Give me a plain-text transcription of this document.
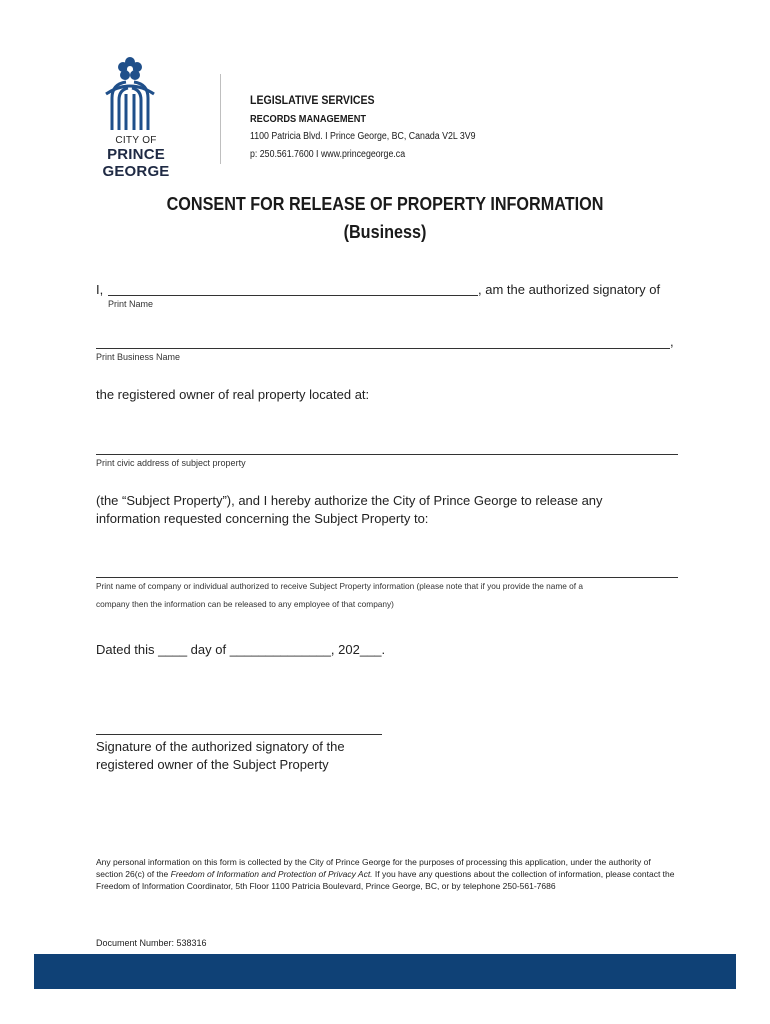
CITY OF
PRINCE GEORGE
LEGISLATIVE SERVICES
RECORDS MANAGEMENT
1100 Patricia Blvd. I Prince George, BC, Canada V2L 3V9
p: 250.561.7600 I www.princegeorge.ca
CONSENT FOR RELEASE OF PROPERTY INFORMATION
(Business)
I,	, am the authorized signatory of
Print Name
,
Print Business Name
the registered owner of real property located at:
Print civic address of subject property
(the “Subject Property”), and I hereby authorize the City of Prince George to release any
information requested concerning the Subject Property to:
Print name of company or individual authorized to receive Subject Property information (please note that if you provide the name of a
company then the information can be released to any employee of that company)
Dated this ____ day of ______________, 202___.
Signature of the authorized signatory of the
registered owner of the Subject Property
Any personal information on this form is collected by the City of Prince George for the purposes of processing this application, under the authority of section 26(c) of the Freedom of Information and Protection of Privacy Act. If you have any questions about the collection of information, please contact the Freedom of Information Coordinator, 5th Floor 1100 Patricia Boulevard, Prince George, BC, or by telephone 250-561-7686
Document Number: 538316
